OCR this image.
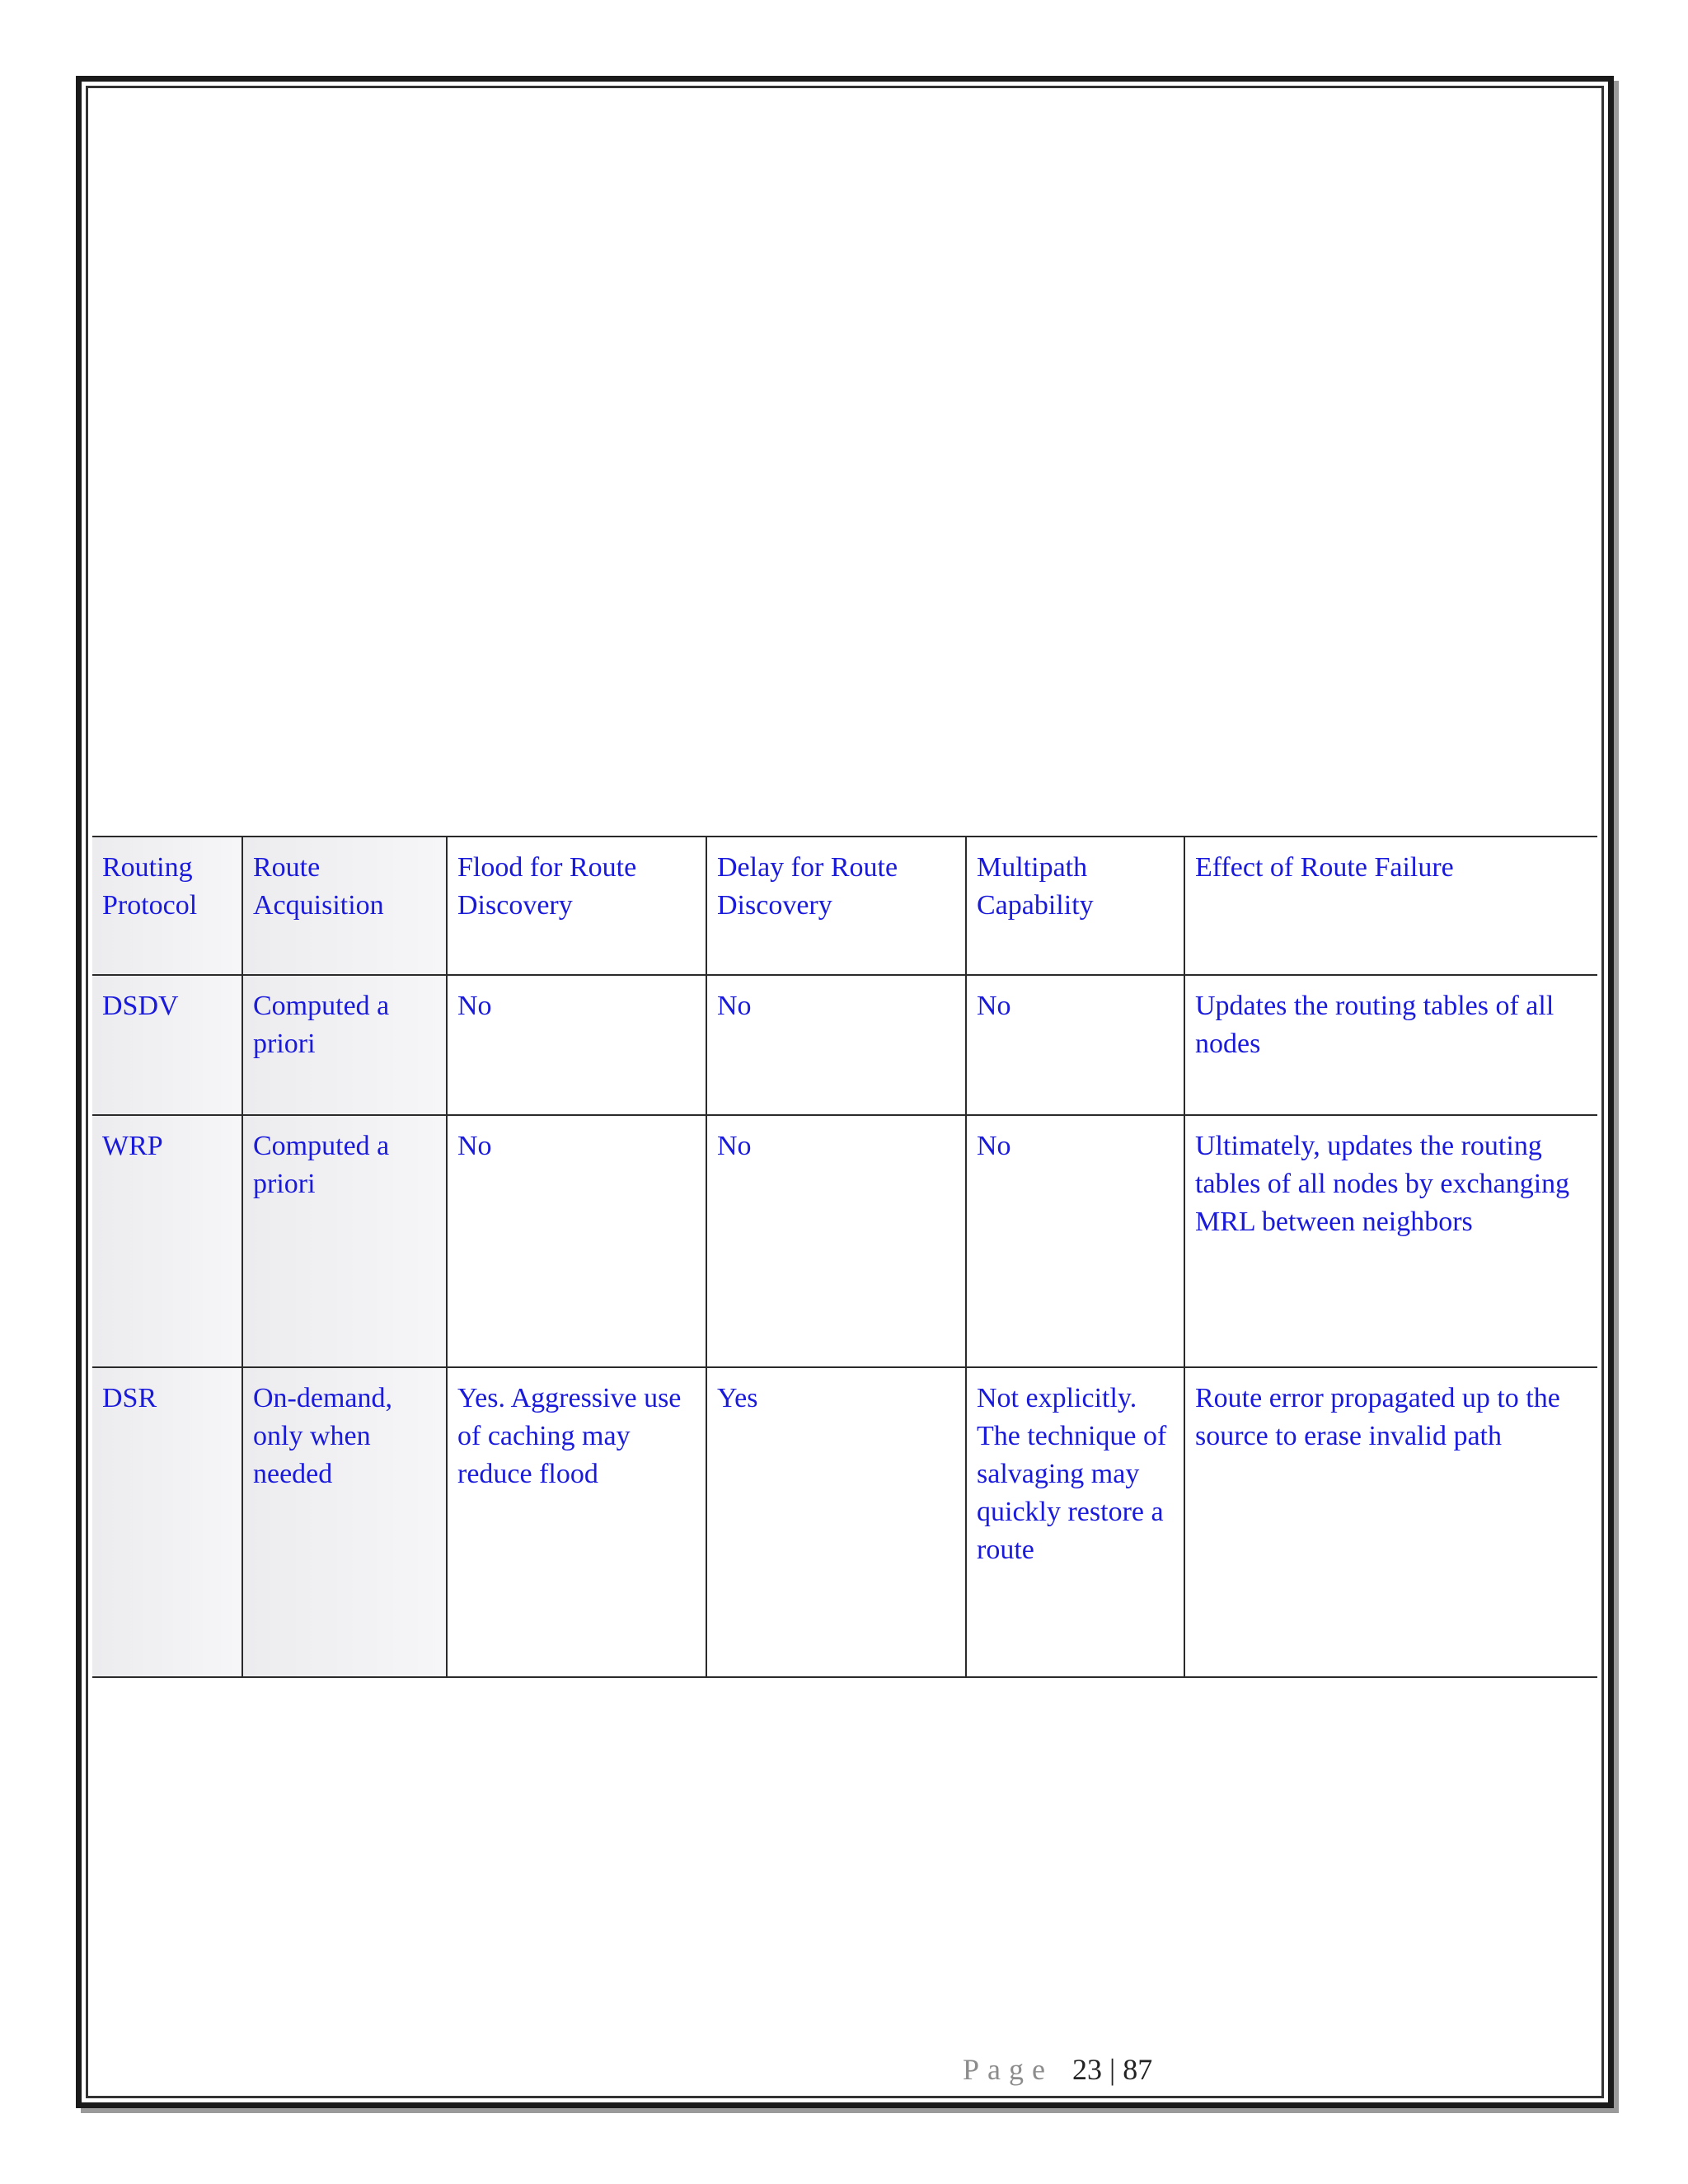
Routing Protocol	Route Acquisition	Flood for Route Discovery	Delay for Route Discovery	Multipath Capability	Effect of Route Failure
DSDV	Computed a priori	No	No	No	Updates the routing tables of all nodes
WRP	Computed a priori	No	No	No	Ultimately, updates the routing tables of all nodes by exchanging MRL between neighbors
DSR	On-demand, only when needed	Yes. Aggressive use of caching may reduce flood	Yes	Not explicitly. The technique of salvaging may quickly restore a route	Route error propagated up to the source to erase invalid path
Page 23 | 87
